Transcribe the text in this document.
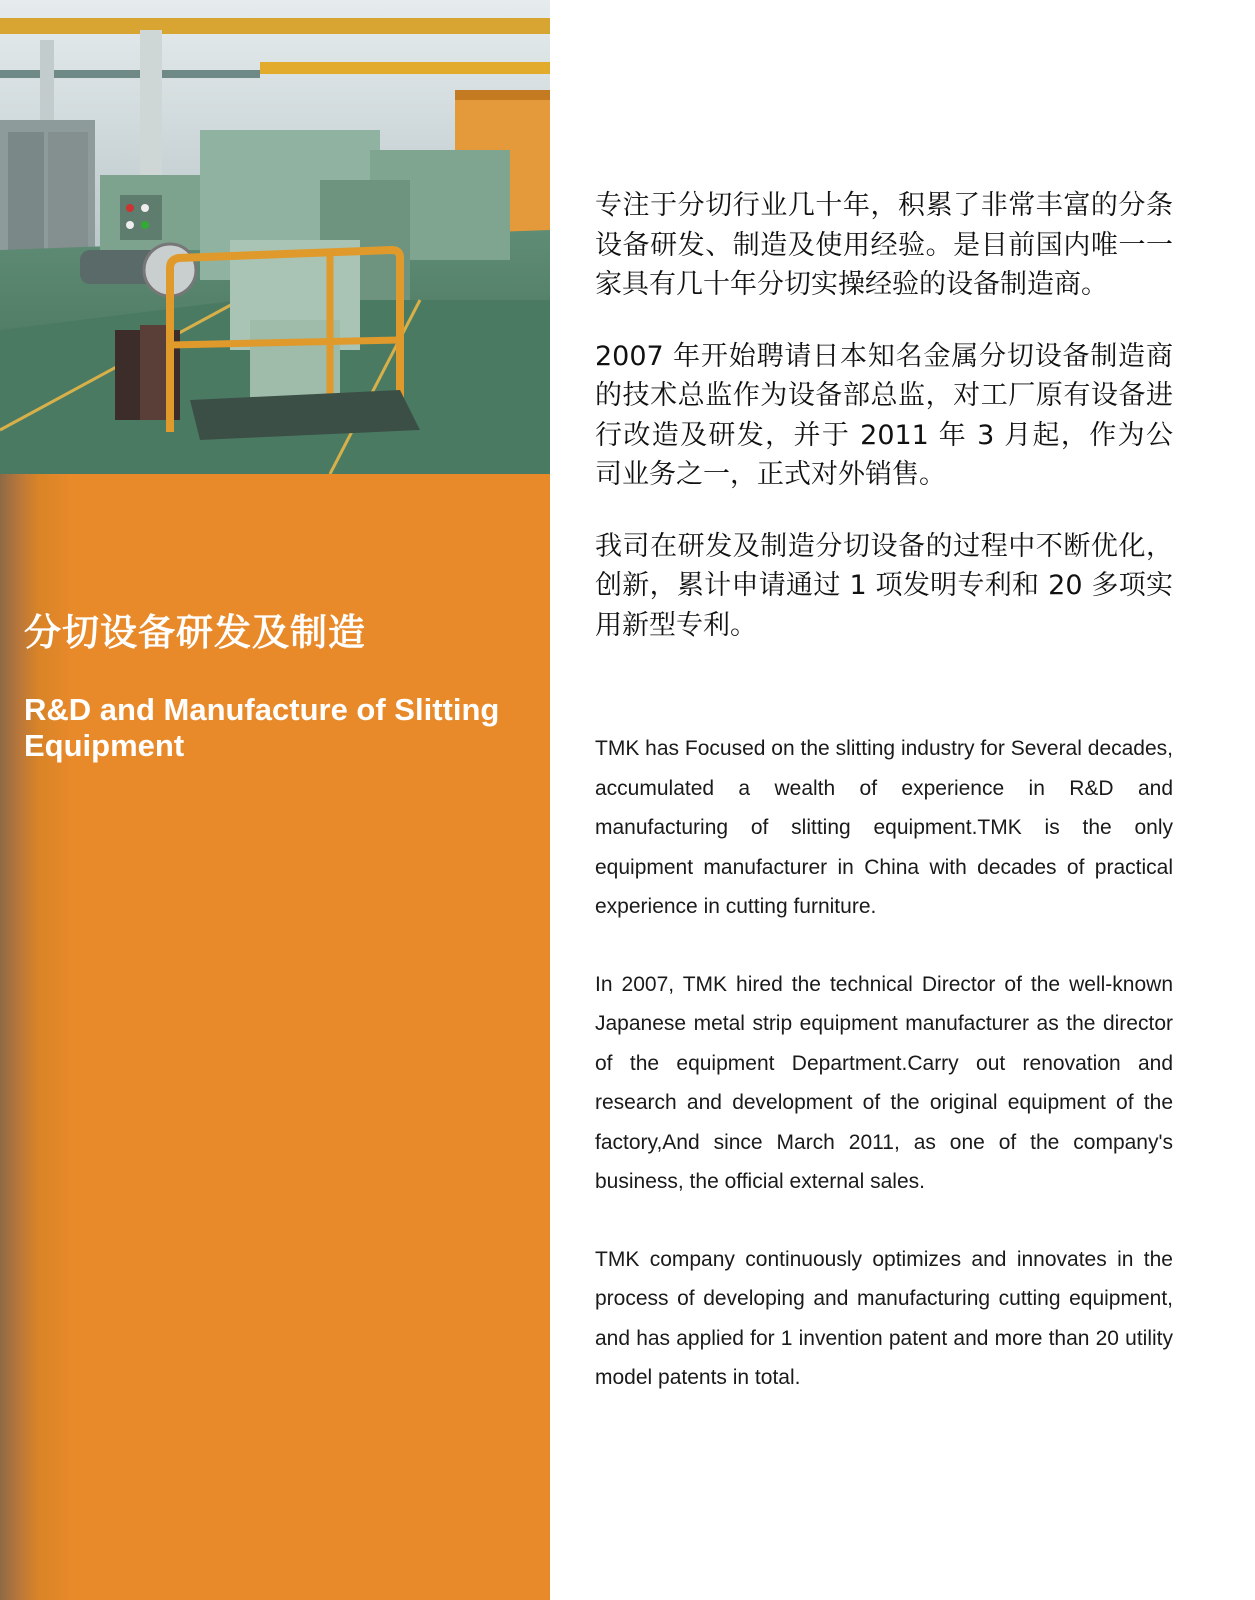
分切设备研发及制造
R&D and Manufacture of Slitting Equipment

专注于分切行业几十年，积累了非常丰富的分条设备研发、制造及使用经验。是目前国内唯一一家具有几十年分切实操经验的设备制造商。

2007 年开始聘请日本知名金属分切设备制造商的技术总监作为设备部总监，对工厂原有设备进行改造及研发，并于 2011 年 3 月起，作为公司业务之一，正式对外销售。

我司在研发及制造分切设备的过程中不断优化，创新，累计申请通过 1 项发明专利和 20 多项实用新型专利。

TMK has Focused on the slitting industry for Several decades, accumulated a wealth of experience in R&D and manufacturing of slitting equipment.TMK is the only equipment manufacturer in China with decades of practical experience in cutting furniture.

In 2007, TMK hired the technical Director of the well-known Japanese metal strip equipment manufacturer as the director of the equipment Department.Carry out renovation and research and development of the original equipment of the factory,And since March 2011, as one of the company's business, the official external sales.

TMK company continuously optimizes and innovates in the process of developing and manufacturing cutting equipment, and has applied for 1 invention patent and more than 20 utility model patents in total.
